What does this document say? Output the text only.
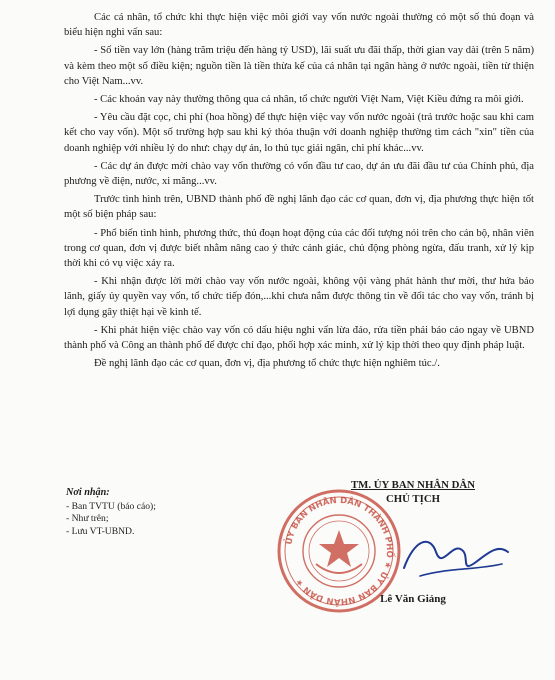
Các cá nhân, tổ chức khi thực hiện việc môi giới vay vốn nước ngoài thường có một số thủ đoạn và biểu hiện nghi vấn sau:

- Số tiền vay lớn (hàng trăm triệu đến hàng tỷ USD), lãi suất ưu đãi thấp, thời gian vay dài (trên 5 năm) và kèm theo một số điều kiện; nguồn tiền là tiền thừa kế của cá nhân tại ngân hàng ở nước ngoài, tiền từ thiện cho Việt Nam...vv.

- Các khoản vay này thường thông qua cá nhân, tổ chức người Việt Nam, Việt Kiều đứng ra môi giới.

- Yêu cầu đặt cọc, chi phí (hoa hồng) để thực hiện việc vay vốn nước ngoài (trả trước hoặc sau khi cam kết cho vay vốn). Một số trường hợp sau khi ký thỏa thuận với doanh nghiệp thường tìm cách "xin" tiền của doanh nghiệp với nhiều lý do như: chạy dự án, lo thủ tục giải ngân, chi phí khác...vv.

- Các dự án được mời chào vay vốn thường có vốn đầu tư cao, dự án ưu đãi đầu tư của Chính phủ, địa phương về điện, nước, xi măng...vv.

Trước tình hình trên, UBND thành phố đề nghị lãnh đạo các cơ quan, đơn vị, địa phương thực hiện tốt một số biện pháp sau:

- Phổ biến tình hình, phương thức, thủ đoạn hoạt động của các đối tượng nói trên cho cán bộ, nhân viên trong cơ quan, đơn vị được biết nhằm nâng cao ý thức cảnh giác, chủ động phòng ngừa, đấu tranh, xử lý kịp thời khi có vụ việc xảy ra.

- Khi nhận được lời mời chào vay vốn nước ngoài, không vội vàng phát hành thư mời, thư hứa bảo lãnh, giấy ủy quyền vay vốn, tổ chức tiếp đón,...khi chưa nắm được thông tin về đối tác cho vay vốn, tránh bị lợi dụng gây thiệt hại về kinh tế.

- Khi phát hiện việc chào vay vốn có dấu hiệu nghi vấn lừa đảo, rửa tiền phải báo cáo ngay về UBND thành phố và Công an thành phố để được chỉ đạo, phối hợp xác minh, xử lý kịp thời theo quy định pháp luật.

Đề nghị lãnh đạo các cơ quan, đơn vị, địa phương tổ chức thực hiện nghiêm túc./.

Nơi nhận:
- Ban TVTU (báo cáo);
- Như trên;
- Lưu VT-UBND.
ỦY BAN NHÂN DÂN THÀNH PHỐ ★ ỦY BAN NHÂN DÂN ★
TM. ỦY BAN NHÂN DÂN
CHỦ TỊCH
Lê Văn Giảng
